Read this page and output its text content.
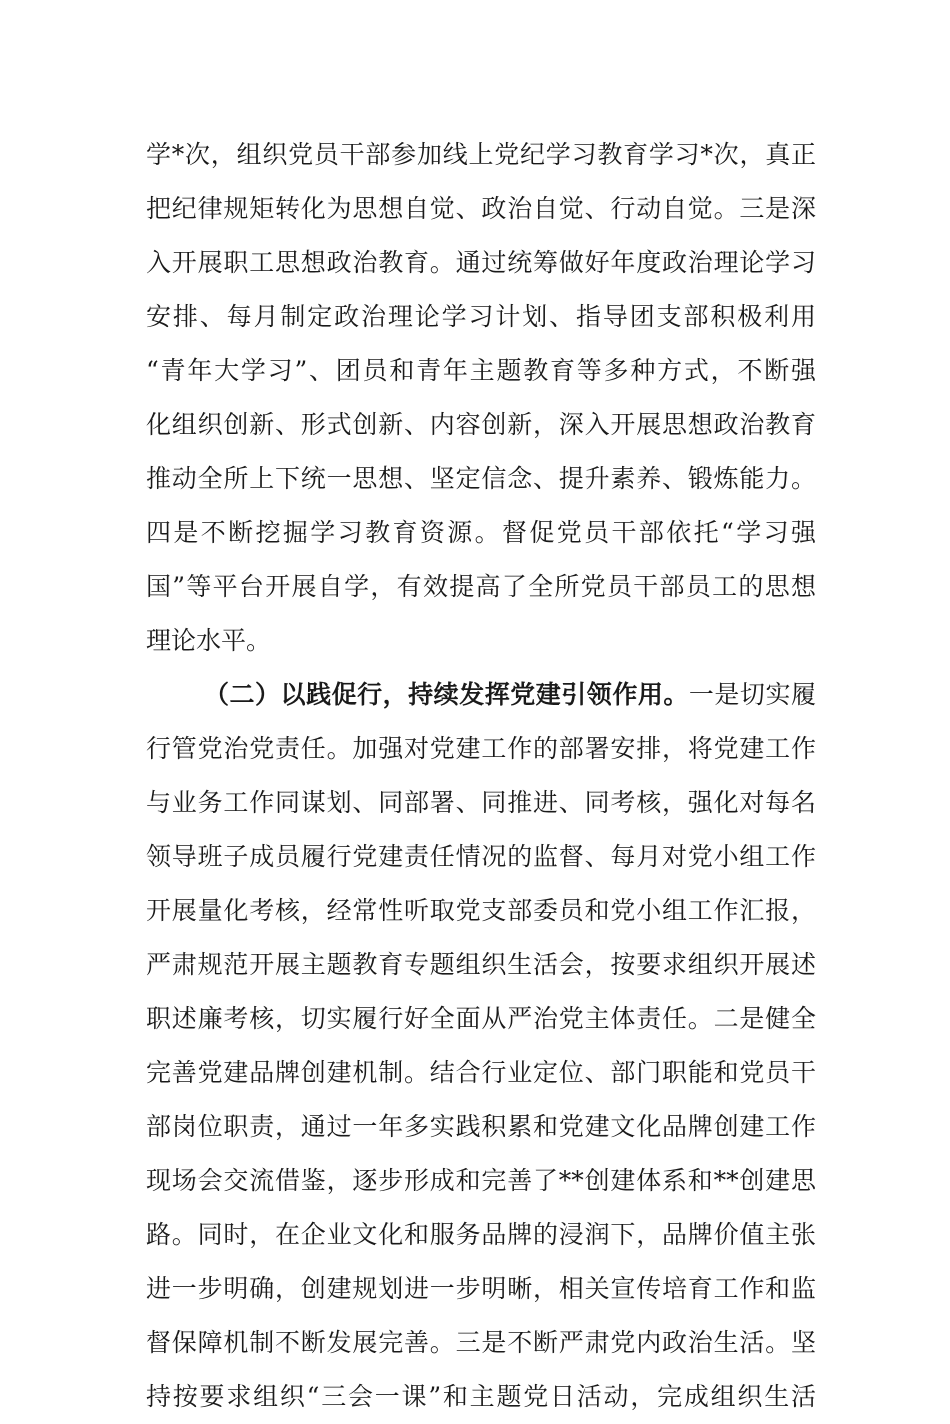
学*次，组织党员干部参加线上党纪学习教育学习*次，真正
把纪律规矩转化为思想自觉、政治自觉、行动自觉。三是深
入开展职工思想政治教育。通过统筹做好年度政治理论学习
安排、每月制定政治理论学习计划、指导团支部积极利用
“青年大学习”、团员和青年主题教育等多种方式，不断强
化组织创新、形式创新、内容创新，深入开展思想政治教育
推动全所上下统一思想、坚定信念、提升素养、锻炼能力。
四是不断挖掘学习教育资源。督促党员干部依托“学习强
国”等平台开展自学，有效提高了全所党员干部员工的思想
理论水平。
（二）以践促行，持续发挥党建引领作用。一是切实履
行管党治党责任。加强对党建工作的部署安排，将党建工作
与业务工作同谋划、同部署、同推进、同考核，强化对每名
领导班子成员履行党建责任情况的监督、每月对党小组工作
开展量化考核，经常性听取党支部委员和党小组工作汇报，
严肃规范开展主题教育专题组织生活会，按要求组织开展述
职述廉考核，切实履行好全面从严治党主体责任。二是健全
完善党建品牌创建机制。结合行业定位、部门职能和党员干
部岗位职责，通过一年多实践积累和党建文化品牌创建工作
现场会交流借鉴，逐步形成和完善了**创建体系和**创建思
路。同时，在企业文化和服务品牌的浸润下，品牌价值主张
进一步明确，创建规划进一步明晰，相关宣传培育工作和监
督保障机制不断发展完善。三是不断严肃党内政治生活。坚
持按要求组织“三会一课”和主题党日活动，完成组织生活
